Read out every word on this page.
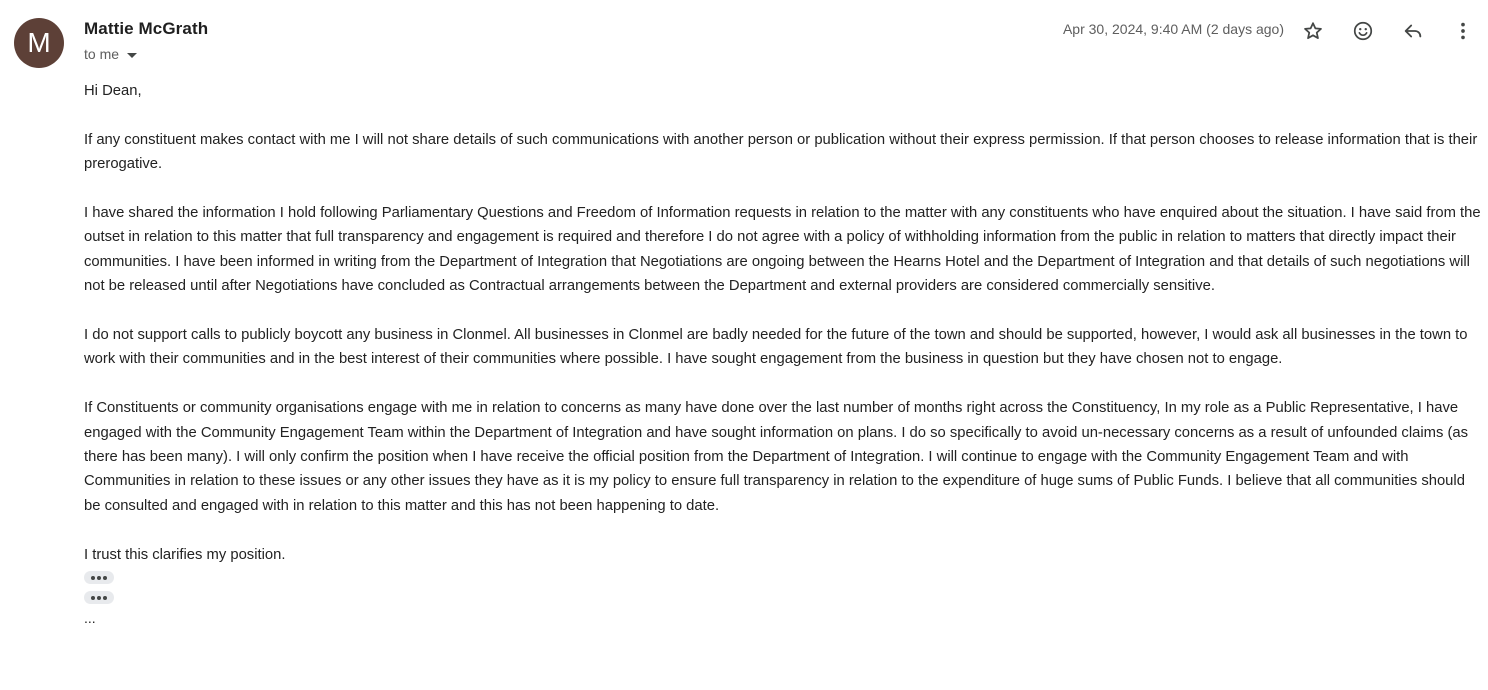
M	Mattie McGrath
to me
Apr 30, 2024, 9:40 AM (2 days ago)

Hi Dean,

If any constituent makes contact with me I will not share details of such communications with another person or publication without their express permission. If that person chooses to release information that is their prerogative.

I have shared the information I hold following Parliamentary Questions and Freedom of Information requests in relation to the matter with any constituents who have enquired about the situation. I have said from the outset in relation to this matter that full transparency and engagement is required and therefore I do not agree with a policy of withholding information from the public in relation to matters that directly impact their communities. I have been informed in writing from the Department of Integration that Negotiations are ongoing between the Hearns Hotel and the Department of Integration and that details of such negotiations will not be released until after Negotiations have concluded as Contractual arrangements between the Department and external providers are considered commercially sensitive.

I do not support calls to publicly boycott any business in Clonmel. All businesses in Clonmel are badly needed for the future of the town and should be supported, however, I would ask all businesses in the town to work with their communities and in the best interest of their communities where possible. I have sought engagement from the business in question but they have chosen not to engage.

If Constituents or community organisations engage with me in relation to concerns as many have done over the last number of months right across the Constituency, In my role as a Public Representative, I have engaged with the Community Engagement Team within the Department of Integration and have sought information on plans. I do so specifically to avoid un-necessary concerns as a result of unfounded claims (as there has been many). I will only confirm the position when I have receive the official position from the Department of Integration. I will continue to engage with the Community Engagement Team and with Communities in relation to these issues or any other issues they have as it is my policy to ensure full transparency in relation to the expenditure of huge sums of Public Funds. I believe that all communities should be consulted and engaged with in relation to this matter and this has not been happening to date.

I trust this clarifies my position.

...
